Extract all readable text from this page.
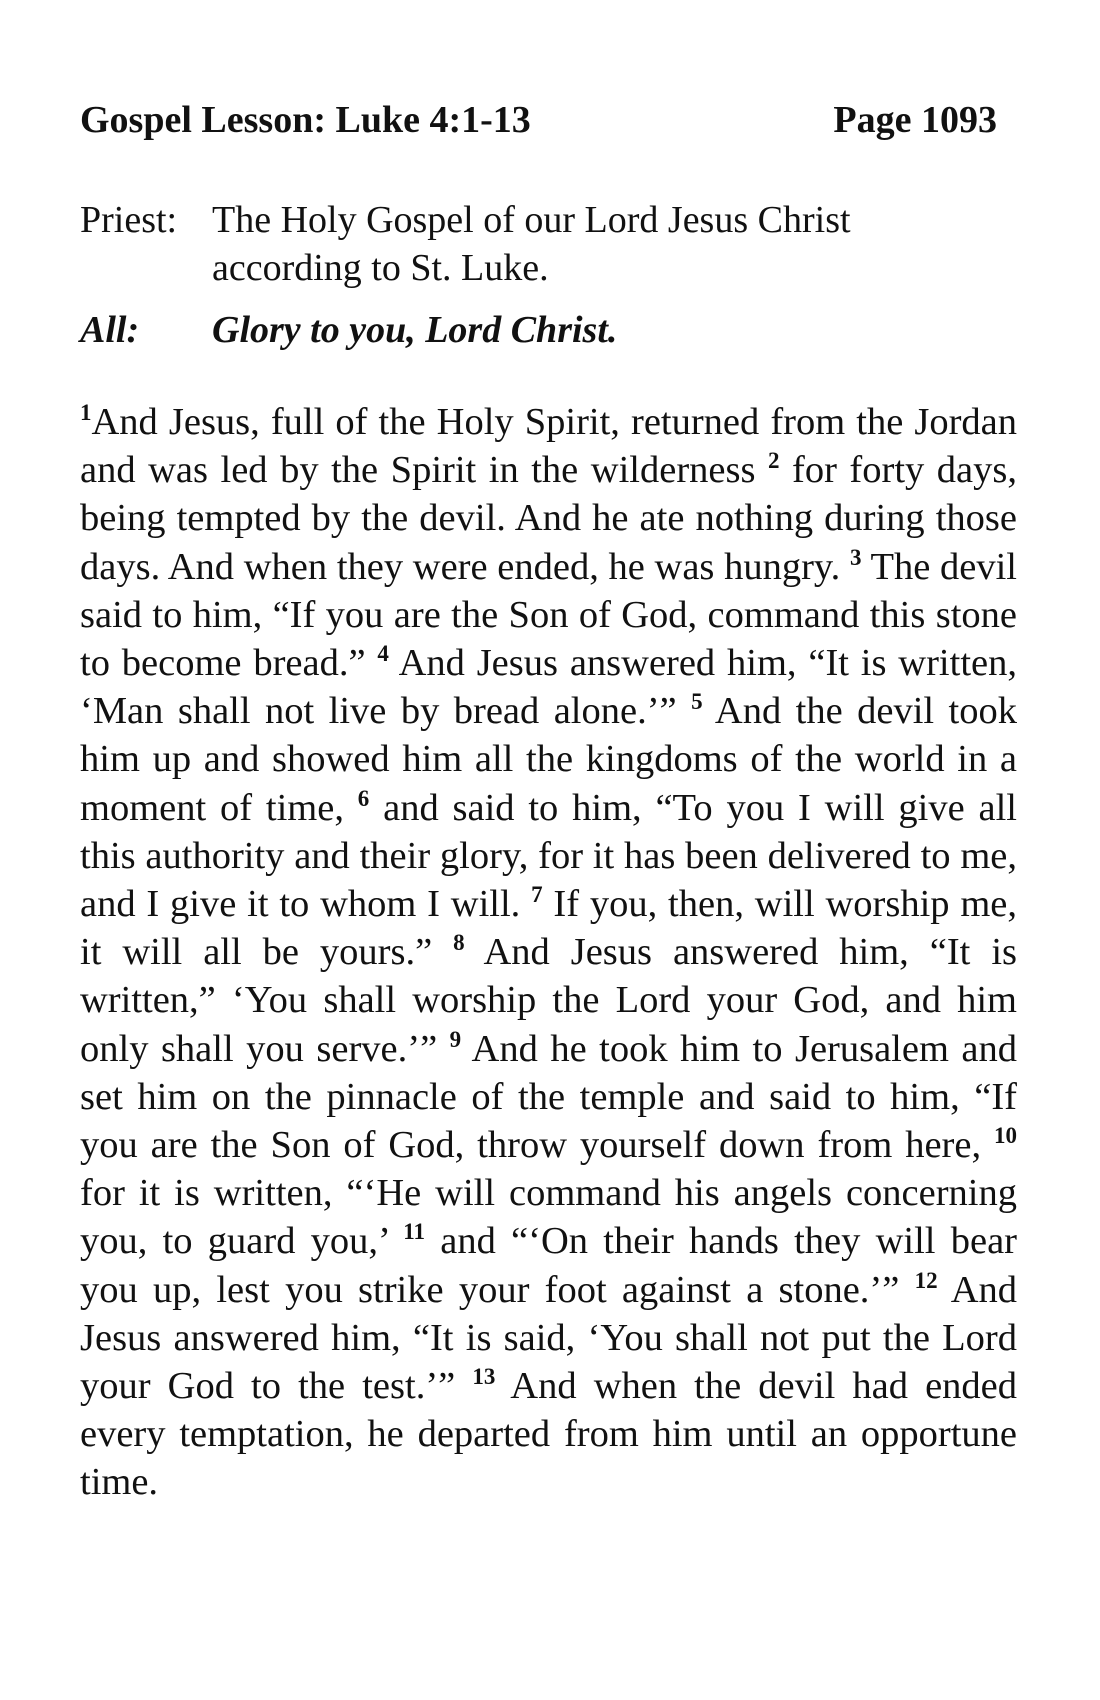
Gospel Lesson: Luke 4:1-13	Page 1093
Priest: The Holy Gospel of our Lord Jesus Christ
according to St. Luke.
All:	Glory to you, Lord Christ.

$^1$And Jesus, full of the Holy Spirit, returned from the Jordan and was led by the Spirit in the wilderness $^2$ for forty days, being tempted by the devil. And he ate nothing during those days. And when they were ended, he was hungry. $^3$ The devil said to him, “If you are the Son of God, command this stone to become bread.” $^4$ And Jesus answered him, “It is written, ‘Man shall not live by bread alone.’” $^5$ And the devil took him up and showed him all the kingdoms of the world in a moment of time, $^6$ and said to him, “To you I will give all this authority and their glory, for it has been delivered to me, and I give it to whom I will. $^7$ If you, then, will worship me, it will all be yours.” $^8$ And Jesus answered him, “It is written,” ‘You shall worship the Lord your God, and him only shall you serve.’” $^9$ And he took him to Jerusalem and set him on the pinnacle of the temple and said to him, “If you are the Son of God, throw yourself down from here, $^{10}$ for it is written, “‘He will command his angels concerning you, to guard you,’ $^{11}$ and “‘On their hands they will bear you up, lest you strike your foot against a stone.’” $^{12}$ And Jesus answered him, “It is said, ‘You shall not put the Lord your God to the test.’” $^{13}$ And when the devil had ended every temptation, he departed from him until an opportune time.
